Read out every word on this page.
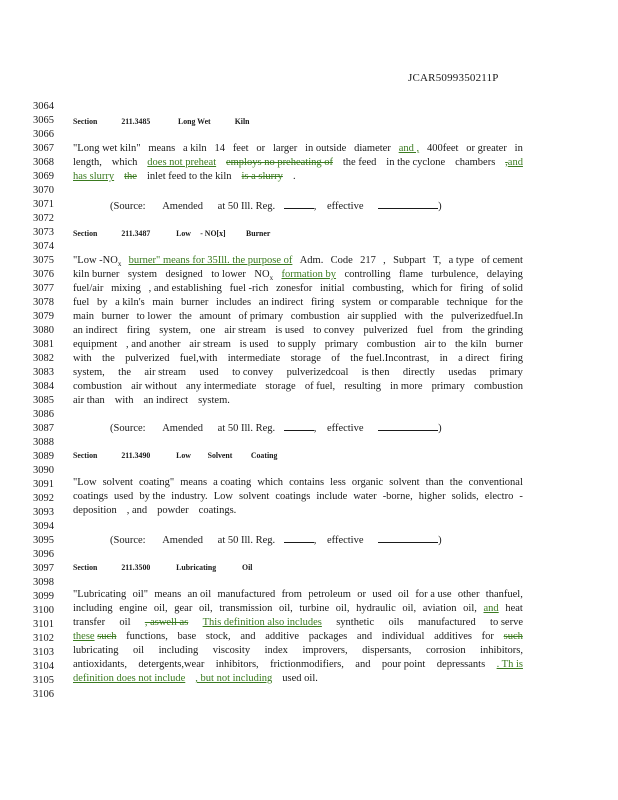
JCAR5099350211P
3064
3065
3066
3067
3068
3069
3070
3071
3072
3073
3074
3075
3076
3077
3078
3079
3080
3081
3082
3083
3084
3085
3086
3087
3088
3089
3090
3091
3092
3093
3094
3095
3096
3097
3098
3099
3100
3101
3102
3103
3104
3105
3106
Section	211.3485	Long Wet	Kiln
"Long wet kiln" means a kiln 14 feet or larger in outside diameter and , 400feet or greater in
length, which does not preheat employs no preheating of the feed in the cyclone chambers ,and
has slurry the inlet feed to the kiln is a slurry .
(Source: Amended at 50 Ill. Reg.	, effective	)
Section	211.3487	Low - NO[x] Burner
"Low $-NO_x$ burner" means for 35Ill. the purpose of Adm. Code 217 , Subpart T, a type of cement
kiln burner system designed to lower $NO_x$ formation by controlling flame turbulence, delaying
fuel/air mixing , and establishing fuel -rich zonesfor initial combusting, which for firing of solid
fuel by a kiln's main burner includes an indirect firing system or comparable technique for the
main burner to lower the amount of primary combustion air supplied with the pulverizedfuel.In
an indirect firing system, one air stream is used to convey pulverized fuel from the grinding
equipment , and another air stream is used to supply primary combustion air to the kiln burner
with the pulverized fuel,with intermediate storage of the fuel.Incontrast, in a direct firing
system, the air stream used to convey pulverizedcoal is then directly usedas primary
combustion air without any intermediate storage of fuel, resulting in more primary combustion
air than with an indirect system.
(Source: Amended at 50 Ill. Reg.	, effective	)
Section	211.3490	Low Solvent Coating
"Low solvent coating" means a coating which contains less organic solvent than the conventional
coatings used by the industry. Low solvent coatings include water -borne, higher solids, electro -
deposition , and powder coatings.
(Source: Amended at 50 Ill. Reg.	, effective	)
Section	211.3500	Lubricating	Oil
"Lubricating oil" means an oil manufactured from petroleum or used oil for a use other thanfuel,
including engine oil, gear oil, transmission oil, turbine oil, hydraulic oil, aviation oil, and heat
transfer oil , aswell as This definition also includes synthetic oils manufactured to serve
these such functions, base stock, and additive packages and individual additives for such
lubricating oil including viscosity index improvers, dispersants, corrosion inhibitors,
antioxidants, detergents,wear inhibitors, frictionmodifiers, and pour point depressants . Th is
definition does not include , but not including used oil.
